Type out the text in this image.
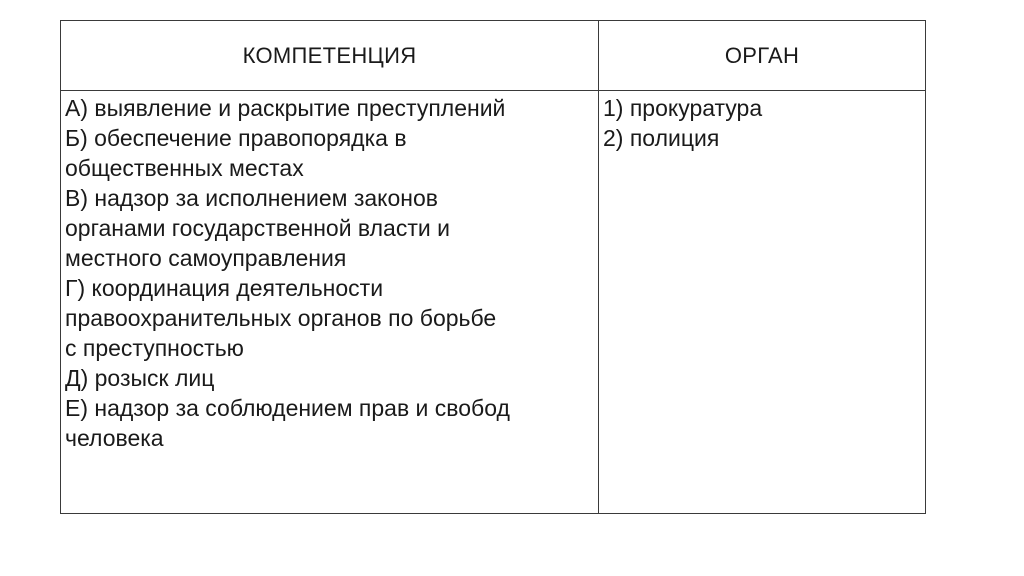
КОМПЕТЕНЦИЯ	ОРГАН
А) выявление и раскрытие преступлений
Б) обеспечение правопорядка в
общественных местах
В) надзор за исполнением законов
органами государственной власти и
местного самоуправления
Г) координация деятельности
правоохранительных органов по борьбе
с преступностью
Д) розыск лиц
Е) надзор за соблюдением прав и свобод
человека
1) прокуратура
2) полиция
